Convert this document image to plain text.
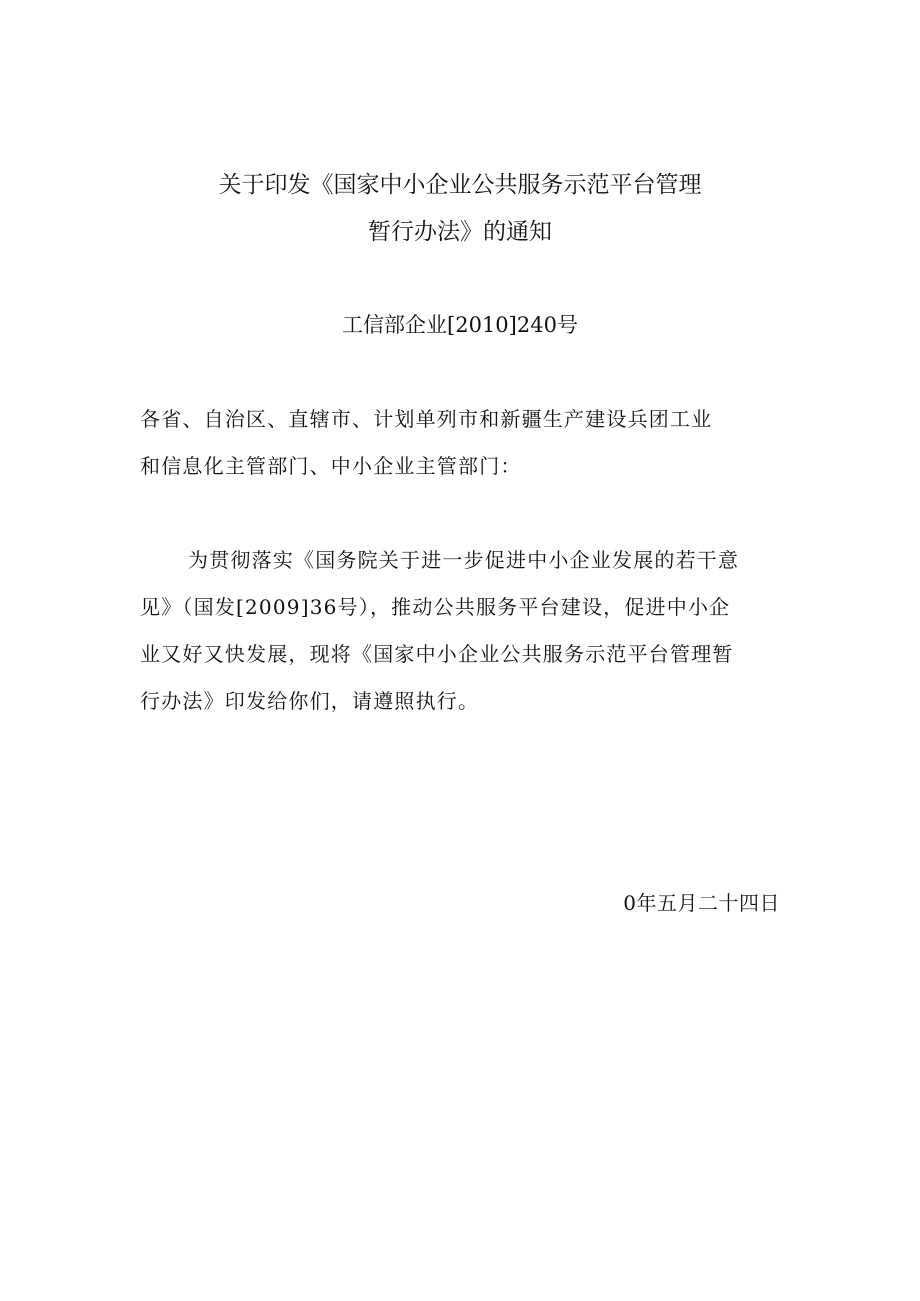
关于印发《国家中小企业公共服务示范平台管理
暂行办法》的通知
工信部企业[2010]240号
各省、自治区、直辖市、计划单列市和新疆生产建设兵团工业
和信息化主管部门、中小企业主管部门：
为贯彻落实《国务院关于进一步促进中小企业发展的若干意
见》（国发[2009]36号），推动公共服务平台建设，促进中小企
业又好又快发展，现将《国家中小企业公共服务示范平台管理暂
行办法》印发给你们，请遵照执行。
0年五月二十四日
